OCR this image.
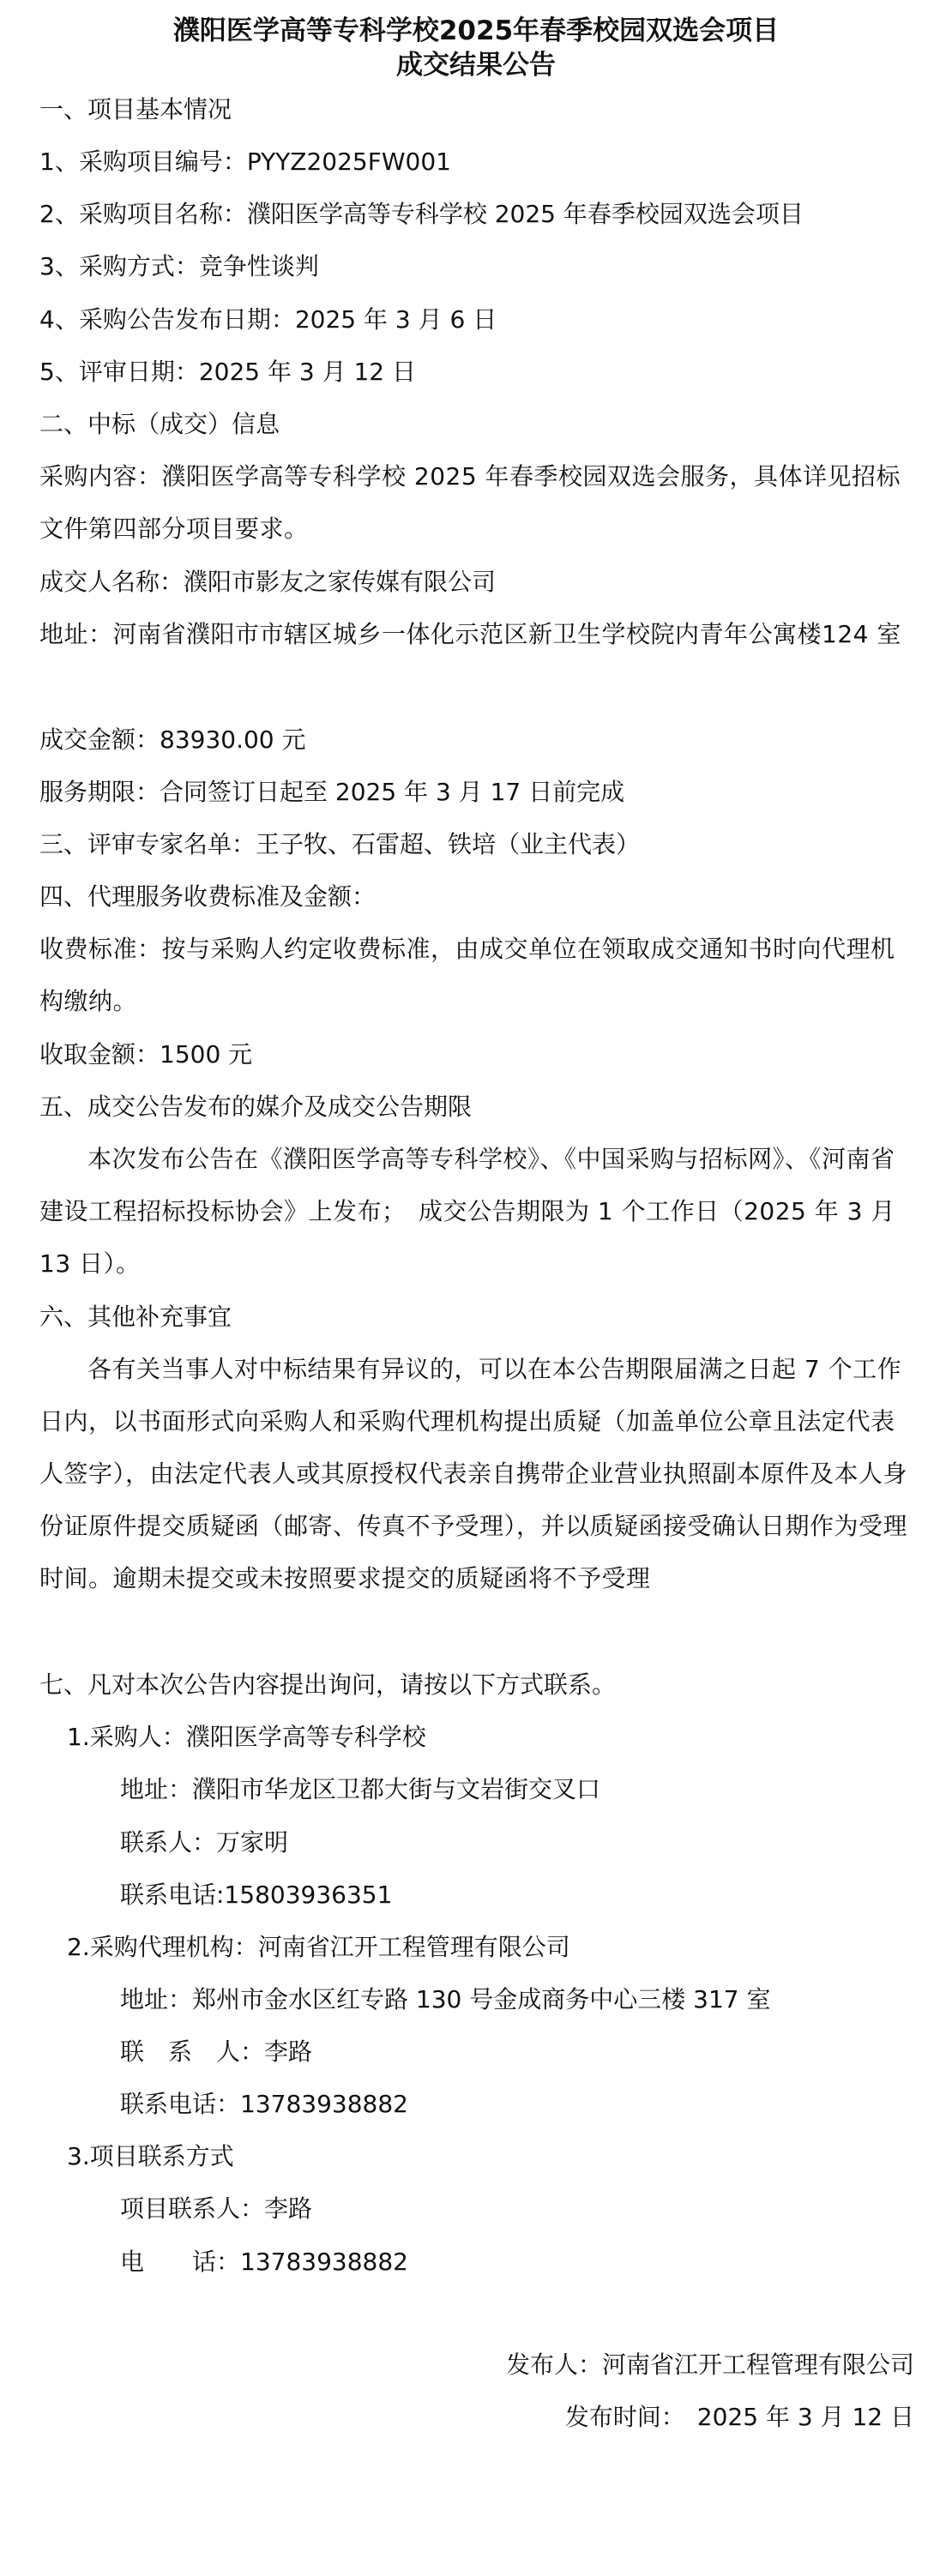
濮阳医学高等专科学校2025年春季校园双选会项目

成交结果公告

一、项目基本情况
1、采购项目编号：PYYZ2025FW001
2、采购项目名称：濮阳医学高等专科学校 2025 年春季校园双选会项目
3、采购方式：竞争性谈判
4、采购公告发布日期：2025 年 3 月 6 日
5、评审日期：2025 年 3 月 12 日
二、中标（成交）信息
采购内容：濮阳医学高等专科学校 2025 年春季校园双选会服务，具体详见招标文件第四部分项目要求。
成交人名称：濮阳市影友之家传媒有限公司
地址：河南省濮阳市市辖区城乡一体化示范区新卫生学校院内青年公寓楼124 室
成交金额：83930.00 元
服务期限：合同签订日起至 2025 年 3 月 17 日前完成
三、评审专家名单：王子牧、石雷超、铁培（业主代表）
四、代理服务收费标准及金额：
收费标准：按与采购人约定收费标准，由成交单位在领取成交通知书时向代理机构缴纳。
收取金额：1500 元
五、成交公告发布的媒介及成交公告期限
本次发布公告在《濮阳医学高等专科学校》、《中国采购与招标网》、《河南省建设工程招标投标协会》上发布；　成交公告期限为 1 个工作日（2025 年 3 月 13 日）。
六、其他补充事宜
各有关当事人对中标结果有异议的，可以在本公告期限届满之日起 7 个工作日内，以书面形式向采购人和采购代理机构提出质疑（加盖单位公章且法定代表人签字），由法定代表人或其原授权代表亲自携带企业营业执照副本原件及本人身份证原件提交质疑函（邮寄、传真不予受理），并以质疑函接受确认日期作为受理时间。逾期未提交或未按照要求提交的质疑函将不予受理
七、凡对本次公告内容提出询问，请按以下方式联系。
1.采购人：濮阳医学高等专科学校
地址：濮阳市华龙区卫都大街与文岩街交叉口
联系人：万家明
联系电话:15803936351
2.采购代理机构：河南省江开工程管理有限公司
地址：郑州市金水区红专路 130 号金成商务中心三楼 317 室
联　系　人：李路
联系电话：13783938882
3.项目联系方式
项目联系人：李路
电　　话：13783938882
发布人：河南省江开工程管理有限公司
发布时间：　2025 年 3 月 12 日
